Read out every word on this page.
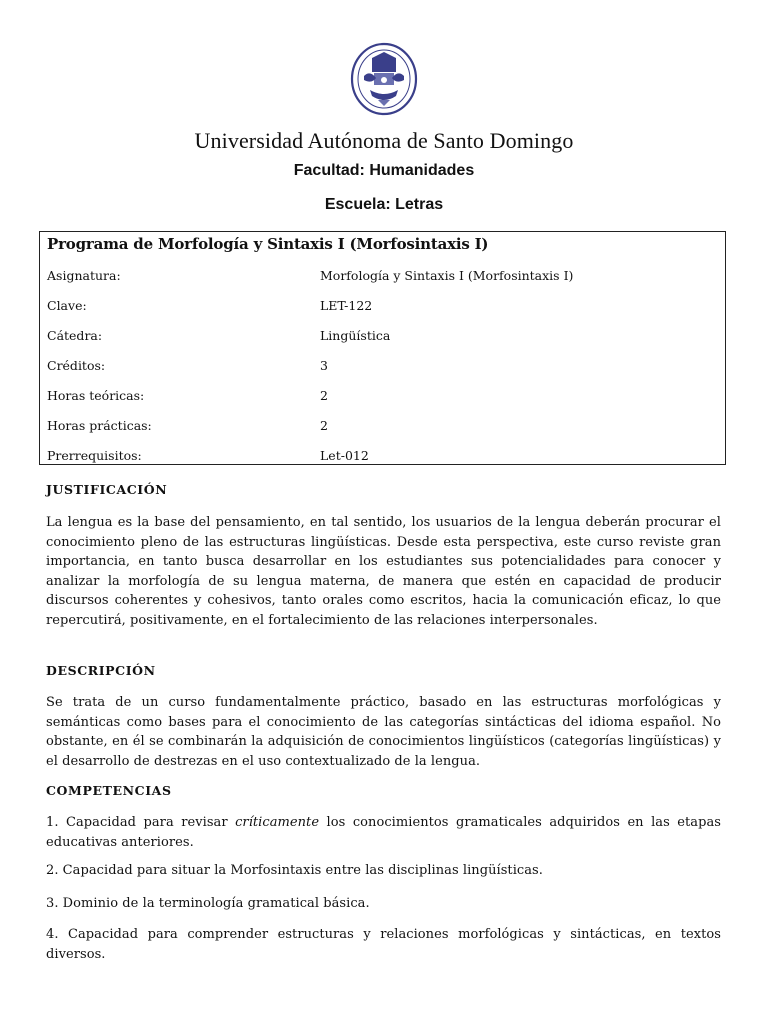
Universidad Autónoma de Santo Domingo
Facultad: Humanidades
Escuela: Letras
Programa de Morfología y Sintaxis I (Morfosintaxis I)
Asignatura:	Morfología y Sintaxis I (Morfosintaxis I)
Clave:	LET-122
Cátedra:	Lingüística
Créditos:	3
Horas teóricas:	2
Horas prácticas:	2
Prerrequisitos:	Let-012
JUSTIFICACIÓN
La lengua es la base del pensamiento, en tal sentido, los usuarios de la lengua deberán procurar el conocimiento pleno de las estructuras lingüísticas. Desde esta perspectiva, este curso reviste gran importancia, en tanto busca desarrollar en los estudiantes sus potencialidades para conocer y analizar la morfología de su lengua materna, de manera que estén en capacidad de producir discursos coherentes y cohesivos, tanto orales como escritos, hacia la comunicación eficaz, lo que repercutirá, positivamente, en el fortalecimiento de las relaciones interpersonales.
DESCRIPCIÓN
Se trata de un curso fundamentalmente práctico, basado en las estructuras morfológicas y semánticas como bases para el conocimiento de las categorías sintácticas del idioma español. No obstante, en él se combinarán la adquisición de conocimientos lingüísticos (categorías lingüísticas) y el desarrollo de destrezas en el uso contextualizado de la lengua.
COMPETENCIAS
1. Capacidad para revisar críticamente los conocimientos gramaticales adquiridos en las etapas educativas anteriores.
2. Capacidad para situar la Morfosintaxis entre las disciplinas lingüísticas.
3. Dominio de la terminología gramatical básica.
4. Capacidad para comprender estructuras y relaciones morfológicas y sintácticas, en textos diversos.
